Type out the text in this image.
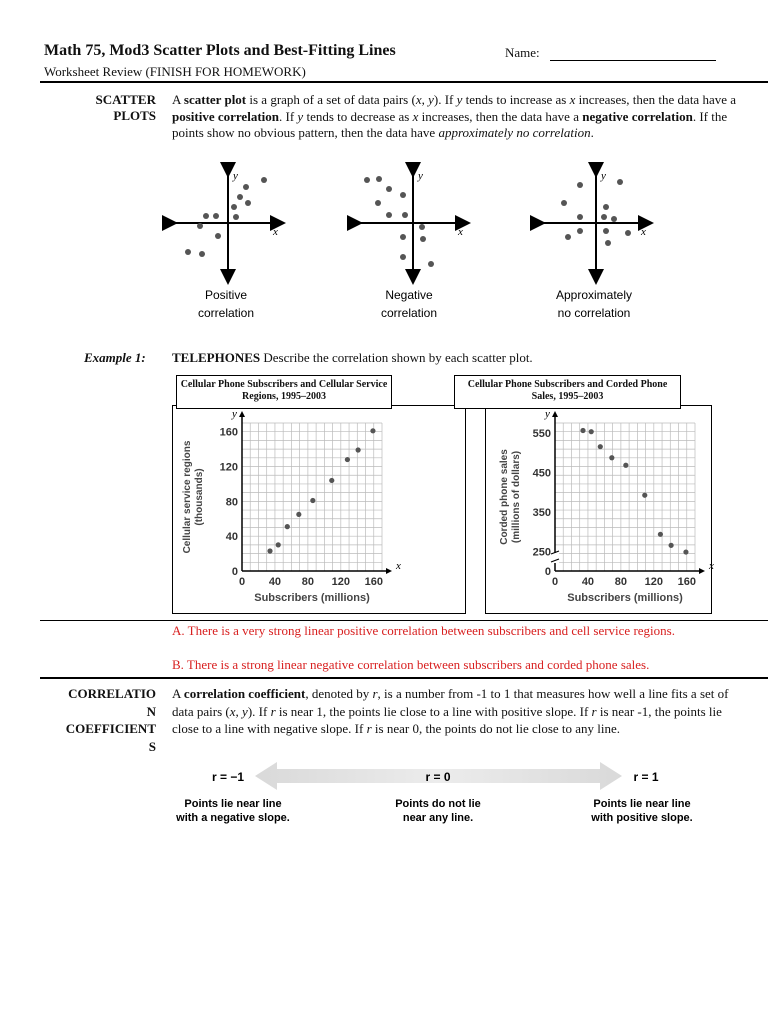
Math 75, Mod3 Scatter Plots and Best-Fitting Lines
Worksheet Review (FINISH FOR HOMEWORK)
Name:
SCATTER
PLOTS
A scatter plot is a graph of a set of data pairs (x, y). If y tends to increase as x increases, then the data have a positive correlation. If y tends to decrease as x increases, then the data have a negative correlation. If the points show no obvious pattern, then the data have approximately no correlation.
y
x
Positive
correlation
y
x
Negative
correlation
y
x
Approximately
no correlation
Example 1: TELEPHONES Describe the correlation shown by each scatter plot.
Cellular Phone Subscribers and Cellular Service Regions, 1995–2003
x
y
0 40 80 120 160
0
40
80
120
160
Subscribers (millions)
Cellular service regions (thousands)
Cellular Phone Subscribers and Corded Phone Sales, 1995–2003
x
y
0 40 80 120 160
250
350
450
550
0
Subscribers (millions)
Corded phone sales (millions of dollars)
A. There is a very strong linear positive correlation between subscribers and cell service regions.
B. There is a strong linear negative correlation between subscribers and corded phone sales.
CORRELATIO
N
COEFFICIENT
S
A correlation coefficient, denoted by r, is a number from -1 to 1 that measures how well a line fits a set of data pairs (x, y). If r is near 1, the points lie close to a line with positive slope. If r is near -1, the points lie close to a line with negative slope. If r is near 0, the points do not lie close to any line.
r = −1	r = 0	r = 1
Points lie near line
with a negative slope.
Points do not lie
near any line.
Points lie near line
with positive slope.
